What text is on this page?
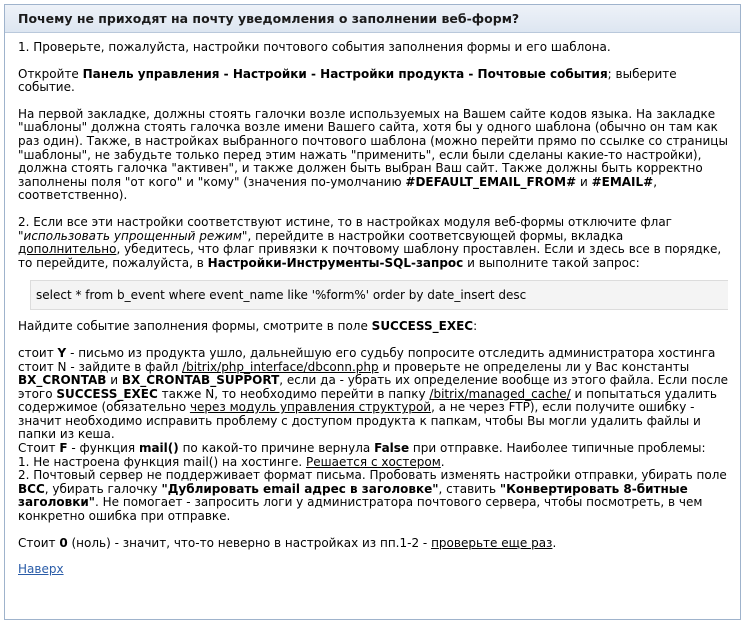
Почему не приходят на почту уведомления о заполнении веб-форм?

1. Проверьте, пожалуйста, настройки почтового события заполнения формы и его шаблона.

Откройте Панель управления - Настройки - Настройки продукта - Почтовые события; выберите событие.

На первой закладке, должны стоять галочки возле используемых на Вашем сайте кодов языка. На закладке "шаблоны" должна стоять галочка возле имени Вашего сайта, хотя бы у одного шаблона (обычно он там как раз один). Также, в настройках выбранного почтового шаблона (можно перейти прямо по ссылке со страницы "шаблоны", не забудьте только перед этим нажать "применить", если были сделаны какие-то настройки), должна стоять галочка "активен", и также должен быть выбран Ваш сайт. Также должны быть корректно заполнены поля "от кого" и "кому" (значения по-умолчанию #DEFAULT_EMAIL_FROM# и #EMAIL#, соответственно).

2. Если все эти настройки соответствуют истине, то в настройках модуля веб-формы отключите флаг "использовать упрощенный режим", перейдите в настройки соответсвующей формы, вкладка дополнительно, убедитесь, что флаг привязки к почтовому шаблону проставлен. Если и здесь все в порядке, то перейдите, пожалуйста, в Настройки-Инструменты-SQL-запрос и выполните такой запрос:

select * from b_event where event_name like '%form%' order by date_insert desc

Найдите событие заполнения формы, смотрите в поле SUCCESS_EXEC:

стоит Y - письмо из продукта ушло, дальнейшую его судьбу попросите отследить администратора хостинга
стоит N - зайдите в файл /bitrix/php_interface/dbconn.php и проверьте не определены ли у Вас константы BX_CRONTAB и BX_CRONTAB_SUPPORT, если да - убрать их определение вообще из этого файла. Если после этого SUCCESS_EXEC также N, то необходимо перейти в папку /bitrix/managed_cache/ и попытаться удалить содержимое (обязательно через модуль управления структурой, а не через FTP), если получите ошибку - значит необходимо исправить проблему с доступом продукта к папкам, чтобы Вы могли удалить файлы и папки из кеша.
Стоит F - функция mail() по какой-то причине вернула False при отправке. Наиболее типичные проблемы:
1. Не настроена функция mail() на хостинге. Решается с хостером.
2. Почтовый сервер не поддерживает формат письма. Пробовать изменять настройки отправки, убирать поле BCC, убирать галочку "Дублировать email адрес в заголовке", ставить "Конвертировать 8-битные заголовки". Не помогает - запросить логи у администратора почтового сервера, чтобы посмотреть, в чем конкретно ошибка при отправке.

Стоит 0 (ноль) - значит, что-то неверно в настройках из пп.1-2 - проверьте еще раз.

Наверх
